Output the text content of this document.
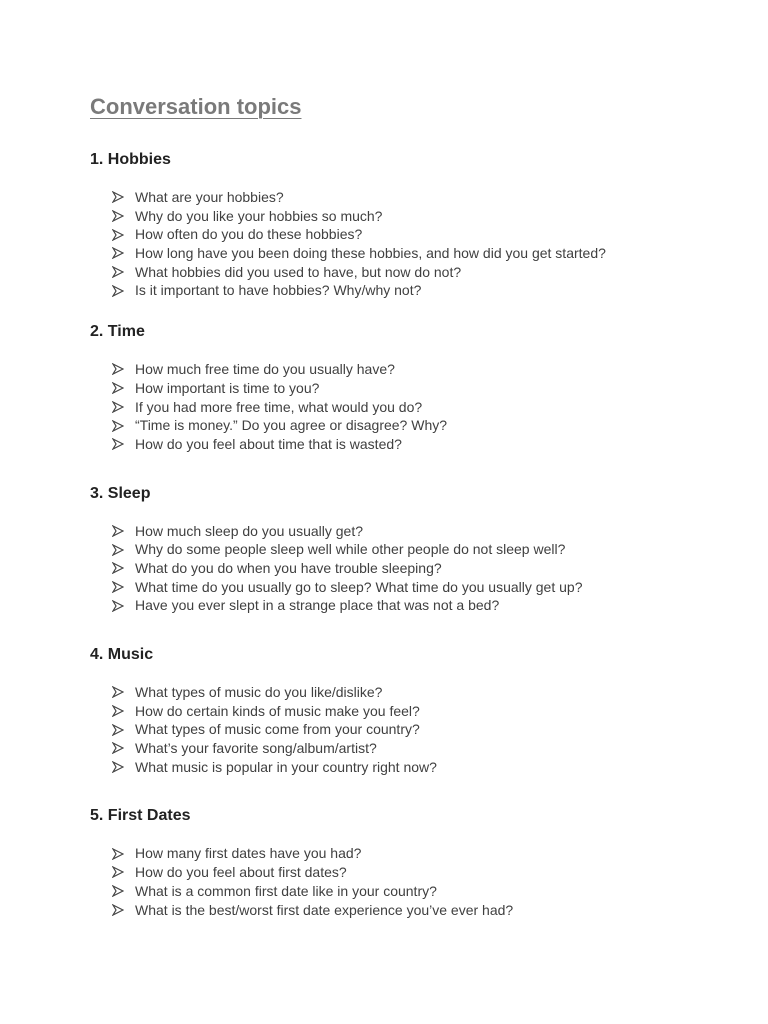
Conversation topics
1. Hobbies
What are your hobbies?
Why do you like your hobbies so much?
How often do you do these hobbies?
How long have you been doing these hobbies, and how did you get started?
What hobbies did you used to have, but now do not?
Is it important to have hobbies? Why/why not?
2. Time
How much free time do you usually have?
How important is time to you?
If you had more free time, what would you do?
“Time is money.” Do you agree or disagree? Why?
How do you feel about time that is wasted?
3. Sleep
How much sleep do you usually get?
Why do some people sleep well while other people do not sleep well?
What do you do when you have trouble sleeping?
What time do you usually go to sleep? What time do you usually get up?
Have you ever slept in a strange place that was not a bed?
4. Music
What types of music do you like/dislike?
How do certain kinds of music make you feel?
What types of music come from your country?
What’s your favorite song/album/artist?
What music is popular in your country right now?
5. First Dates
How many first dates have you had?
How do you feel about first dates?
What is a common first date like in your country?
What is the best/worst first date experience you’ve ever had?
